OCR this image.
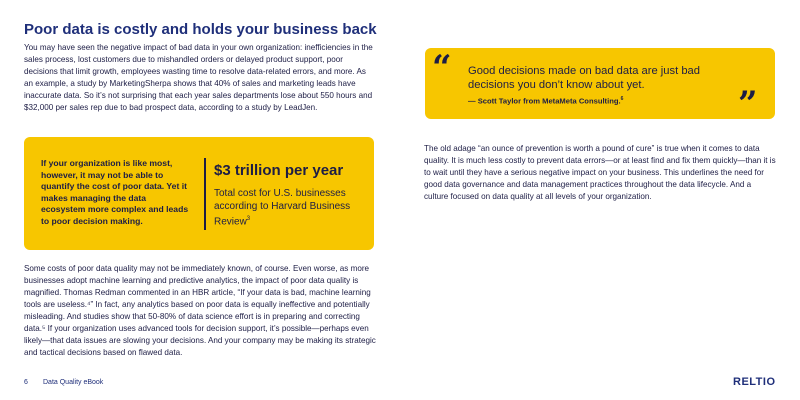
Poor data is costly and holds your business back

You may have seen the negative impact of bad data in your own organization: inefficiencies in the sales process, lost customers due to mishandled orders or delayed product support, poor decisions that limit growth, employees wasting time to resolve data-related errors, and more. As an example, a study by MarketingSherpa shows that 40% of sales and marketing leads have inaccurate data. So it’s not surprising that each year sales departments lose about 550 hours and $32,000 per sales rep due to bad prospect data, according to a study by LeadJen.

If your organization is like most, however, it may not be able to quantify the cost of poor data. Yet it makes managing the data ecosystem more complex and leads to poor decision making.
$3 trillion per year
Total cost for U.S. businesses according to Harvard Business Review$^3$

Some costs of poor data quality may not be immediately known, of course. Even worse, as more businesses adopt machine learning and predictive analytics, the impact of poor data quality is magnified. Thomas Redman commented in an HBR article, “If your data is bad, machine learning tools are useless.⁴” In fact, any analytics based on poor data is equally ineffective and potentially misleading. And studies show that 50-80% of data science effort is in preparing and correcting data.⁵ If your organization uses advanced tools for decision support, it’s possible—perhaps even likely—that data issues are slowing your decisions. And your company may be making its strategic and tactical decisions based on flawed data.

“ Good decisions made on bad data are just bad decisions you don’t know about yet.
— Scott Taylor from MetaMeta Consulting.$^6$	”

The old adage “an ounce of prevention is worth a pound of cure” is true when it comes to data quality. It is much less costly to prevent data errors—or at least find and fix them quickly—than it is to wait until they have a serious negative impact on your business. This underlines the need for good data governance and data management practices throughout the data lifecycle. And a culture focused on data quality at all levels of your organization.

6 Data Quality eBook	RELTIO
